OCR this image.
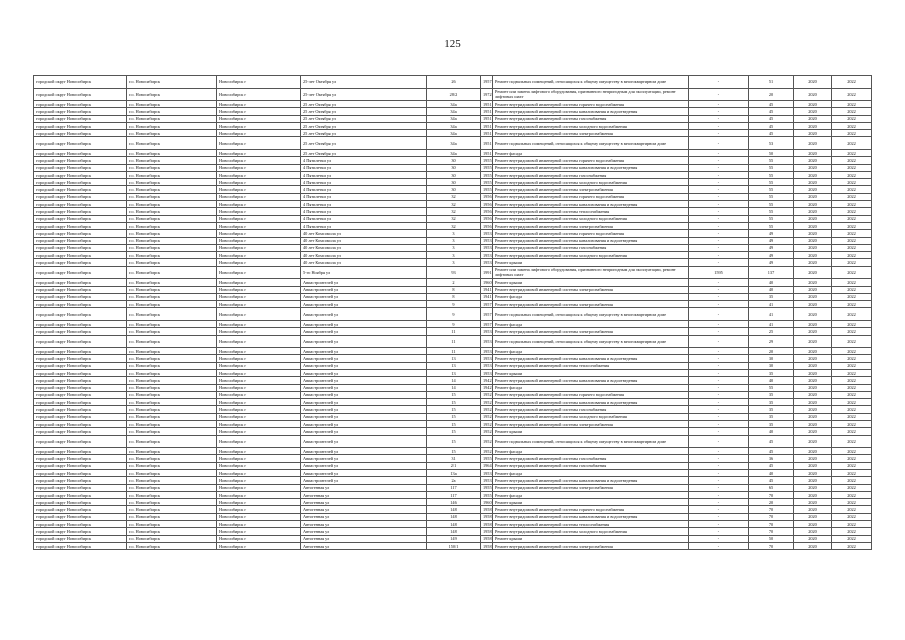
125
городской округ Новосибирск	г.о. Новосибирск	Новосибирск г	25-лет Октября ул	26	1957	Ремонт подвальных помещений, относящихся к общему имуществу в многоквартирном доме	-	51	2020	2022
городской округ Новосибирск	г.о. Новосибирск	Новосибирск г	25-лет Октября ул	28/2	1972	Ремонт или замена лифтового оборудования, признанного непригодным для эксплуатации, ремонт лифтовых шахт	-	20	2020	2022
городской округ Новосибирск	г.о. Новосибирск	Новосибирск г	25 лет Октября ул	34а	1951	Ремонт внутридомовой инженерной системы горячего водоснабжения	-	45	2020	2022
городской округ Новосибирск	г.о. Новосибирск	Новосибирск г	25 лет Октября ул	34а	1951	Ремонт внутридомовой инженерной системы канализования и водоотведения	-	45	2020	2022
городской округ Новосибирск	г.о. Новосибирск	Новосибирск г	25 лет Октября ул	34а	1951	Ремонт внутридомовой инженерной системы газоснабжения	-	45	2020	2022
городской округ Новосибирск	г.о. Новосибирск	Новосибирск г	25 лет Октября ул	34а	1951	Ремонт внутридомовой инженерной системы холодного водоснабжения	-	45	2020	2022
городской округ Новосибирск	г.о. Новосибирск	Новосибирск г	25 лет Октября ул	34а	1951	Ремонт внутридомовой инженерной системы электроснабжения	-	45	2020	2022
городской округ Новосибирск	г.о. Новосибирск	Новосибирск г	25 лет Октября ул	34а	1951	Ремонт подвальных помещений, относящихся к общему имуществу в многоквартирном доме	-	53	2020	2022
городской округ Новосибирск	г.о. Новосибирск	Новосибирск г	25 лет Октября ул	34а	1951	Ремонт фасада	-	50	2020	2022
городской округ Новосибирск	г.о. Новосибирск	Новосибирск г	4 Пятилетки ул	30	1955	Ремонт внутридомовой инженерной системы горячего водоснабжения	-	55	2020	2022
городской округ Новосибирск	г.о. Новосибирск	Новосибирск г	4 Пятилетки ул	30	1955	Ремонт внутридомовой инженерной системы канализования и водоотведения	-	55	2020	2022
городской округ Новосибирск	г.о. Новосибирск	Новосибирск г	4 Пятилетки ул	30	1955	Ремонт внутридомовой инженерной системы газоснабжения	-	55	2020	2022
городской округ Новосибирск	г.о. Новосибирск	Новосибирск г	4 Пятилетки ул	30	1955	Ремонт внутридомовой инженерной системы холодного водоснабжения	-	55	2020	2022
городской округ Новосибирск	г.о. Новосибирск	Новосибирск г	4 Пятилетки ул	30	1955	Ремонт внутридомовой инженерной системы электроснабжения	-	55	2020	2022
городской округ Новосибирск	г.о. Новосибирск	Новосибирск г	4 Пятилетки ул	32	1956	Ремонт внутридомовой инженерной системы горячего водоснабжения	-	55	2020	2022
городской округ Новосибирск	г.о. Новосибирск	Новосибирск г	4 Пятилетки ул	32	1956	Ремонт внутридомовой инженерной системы канализования и водоотведения	-	55	2020	2022
городской округ Новосибирск	г.о. Новосибирск	Новосибирск г	4 Пятилетки ул	32	1956	Ремонт внутридомовой инженерной системы теплоснабжения	-	55	2020	2022
городской округ Новосибирск	г.о. Новосибирск	Новосибирск г	4 Пятилетки ул	32	1956	Ремонт внутридомовой инженерной системы холодного водоснабжения	-	55	2020	2022
городской округ Новосибирск	г.о. Новосибирск	Новосибирск г	4 Пятилетки ул	32	1956	Ремонт внутридомовой инженерной системы электроснабжения	-	55	2020	2022
городской округ Новосибирск	г.о. Новосибирск	Новосибирск г	40 лет Комсомола ул	3	1953	Ремонт внутридомовой инженерной системы горячего водоснабжения	-	49	2020	2022
городской округ Новосибирск	г.о. Новосибирск	Новосибирск г	40 лет Комсомола ул	3	1953	Ремонт внутридомовой инженерной системы канализования и водоотведения	-	49	2020	2022
городской округ Новосибирск	г.о. Новосибирск	Новосибирск г	40 лет Комсомола ул	3	1953	Ремонт внутридомовой инженерной системы газоснабжения	-	49	2020	2022
городской округ Новосибирск	г.о. Новосибирск	Новосибирск г	40 лет Комсомола ул	3	1953	Ремонт внутридомовой инженерной системы холодного водоснабжения	-	49	2020	2022
городской округ Новосибирск	г.о. Новосибирск	Новосибирск г	40 лет Комсомола ул	3	1953	Ремонт крыши	-	49	2020	2022
городской округ Новосибирск	г.о. Новосибирск	Новосибирск г	5-го Ноября ул	93	1991	Ремонт или замена лифтового оборудования, признанного непригодным для эксплуатации, ремонт лифтовых шахт	1595	137	2020	2022
городской округ Новосибирск	г.о. Новосибирск	Новосибирск г	Авиастроителей ул	2	1960	Ремонт крыши	-	40	2020	2022
городской округ Новосибирск	г.о. Новосибирск	Новосибирск г	Авиастроителей ул	8	1941	Ремонт внутридомовой инженерной системы электроснабжения	-	40	2020	2022
городской округ Новосибирск	г.о. Новосибирск	Новосибирск г	Авиастроителей ул	8	1941	Ремонт фасада	-	35	2020	2022
городской округ Новосибирск	г.о. Новосибирск	Новосибирск г	Авиастроителей ул	9	1957	Ремонт внутридомовой инженерной системы электроснабжения	-	41	2020	2022
городской округ Новосибирск	г.о. Новосибирск	Новосибирск г	Авиастроителей ул	9	1957	Ремонт подвальных помещений, относящихся к общему имуществу в многоквартирном доме	-	41	2020	2022
городской округ Новосибирск	г.о. Новосибирск	Новосибирск г	Авиастроителей ул	9	1957	Ремонт фасада	-	41	2020	2022
городской округ Новосибирск	г.о. Новосибирск	Новосибирск г	Авиастроителей ул	11	1953	Ремонт внутридомовой инженерной системы электроснабжения	-	25	2020	2022
городской округ Новосибирск	г.о. Новосибирск	Новосибирск г	Авиастроителей ул	11	1953	Ремонт подвальных помещений, относящихся к общему имуществу в многоквартирном доме	-	29	2020	2022
городской округ Новосибирск	г.о. Новосибирск	Новосибирск г	Авиастроителей ул	11	1953	Ремонт фасада	-	20	2020	2022
городской округ Новосибирск	г.о. Новосибирск	Новосибирск г	Авиастроителей ул	13	1953	Ремонт внутридомовой инженерной системы канализования и водоотведения	-	30	2020	2022
городской округ Новосибирск	г.о. Новосибирск	Новосибирск г	Авиастроителей ул	13	1953	Ремонт внутридомовой инженерной системы теплоснабжения	-	30	2020	2022
городской округ Новосибирск	г.о. Новосибирск	Новосибирск г	Авиастроителей ул	13	1953	Ремонт крыши	-	35	2020	2022
городской округ Новосибирск	г.о. Новосибирск	Новосибирск г	Авиастроителей ул	14	1942	Ремонт внутридомовой инженерной системы канализования и водоотведения	-	40	2020	2022
городской округ Новосибирск	г.о. Новосибирск	Новосибирск г	Авиастроителей ул	14	1942	Ремонт фасада	-	55	2020	2022
городской округ Новосибирск	г.о. Новосибирск	Новосибирск г	Авиастроителей ул	15	1952	Ремонт внутридомовой инженерной системы горячего водоснабжения	-	35	2020	2022
городской округ Новосибирск	г.о. Новосибирск	Новосибирск г	Авиастроителей ул	15	1952	Ремонт внутридомовой инженерной системы канализования и водоотведения	-	35	2020	2022
городской округ Новосибирск	г.о. Новосибирск	Новосибирск г	Авиастроителей ул	15	1952	Ремонт внутридомовой инженерной системы газоснабжения	-	35	2020	2022
городской округ Новосибирск	г.о. Новосибирск	Новосибирск г	Авиастроителей ул	15	1952	Ремонт внутридомовой инженерной системы холодного водоснабжения	-	35	2020	2022
городской округ Новосибирск	г.о. Новосибирск	Новосибирск г	Авиастроителей ул	15	1952	Ремонт внутридомовой инженерной системы электроснабжения	-	35	2020	2022
городской округ Новосибирск	г.о. Новосибирск	Новосибирск г	Авиастроителей ул	15	1952	Ремонт крыши	-	40	2020	2022
городской округ Новосибирск	г.о. Новосибирск	Новосибирск г	Авиастроителей ул	15	1952	Ремонт подвальных помещений, относящихся к общему имуществу в многоквартирном доме	-	45	2020	2022
городской округ Новосибирск	г.о. Новосибирск	Новосибирск г	Авиастроителей ул	15	1952	Ремонт фасада	-	45	2020	2022
городской округ Новосибирск	г.о. Новосибирск	Новосибирск г	Авиастроителей ул	31	1955	Ремонт внутридомовой инженерной системы газоснабжения	-	36	2020	2022
городской округ Новосибирск	г.о. Новосибирск	Новосибирск г	Авиастроителей ул	2/1	1964	Ремонт внутридомовой инженерной системы газоснабжения	-	45	2020	2022
городской округ Новосибирск	г.о. Новосибирск	Новосибирск г	Авиастроителей ул	13а	1953	Ремонт фасада	-	40	2020	2022
городской округ Новосибирск	г.о. Новосибирск	Новосибирск г	Авиастроителей ул	2а	1953	Ремонт внутридомовой инженерной системы канализования и водоотведения	-	45	2020	2022
городской округ Новосибирск	г.о. Новосибирск	Новосибирск г	Автогенная ул	117	1955	Ремонт внутридомовой инженерной системы электроснабжения	-	65	2020	2022
городской округ Новосибирск	г.о. Новосибирск	Новосибирск г	Автогенная ул	117	1955	Ремонт фасада	-	70	2020	2022
городской округ Новосибирск	г.о. Новосибирск	Новосибирск г	Автогенная ул	146	1960	Ремонт крыши	-	20	2020	2022
городской округ Новосибирск	г.о. Новосибирск	Новосибирск г	Автогенная ул	148	1958	Ремонт внутридомовой инженерной системы горячего водоснабжения	-	70	2020	2022
городской округ Новосибирск	г.о. Новосибирск	Новосибирск г	Автогенная ул	148	1958	Ремонт внутридомовой инженерной системы канализования и водоотведения	-	70	2020	2022
городской округ Новосибирск	г.о. Новосибирск	Новосибирск г	Автогенная ул	148	1958	Ремонт внутридомовой инженерной системы теплоснабжения	-	70	2020	2022
городской округ Новосибирск	г.о. Новосибирск	Новосибирск г	Автогенная ул	148	1958	Ремонт внутридомовой инженерной системы холодного водоснабжения	-	70	2020	2022
городской округ Новосибирск	г.о. Новосибирск	Новосибирск г	Автогенная ул	149	1958	Ремонт крыши	-	50	2020	2022
городской округ Новосибирск	г.о. Новосибирск	Новосибирск г	Автогенная ул	150/1	1958	Ремонт внутридомовой инженерной системы электроснабжения	-	70	2020	2022
